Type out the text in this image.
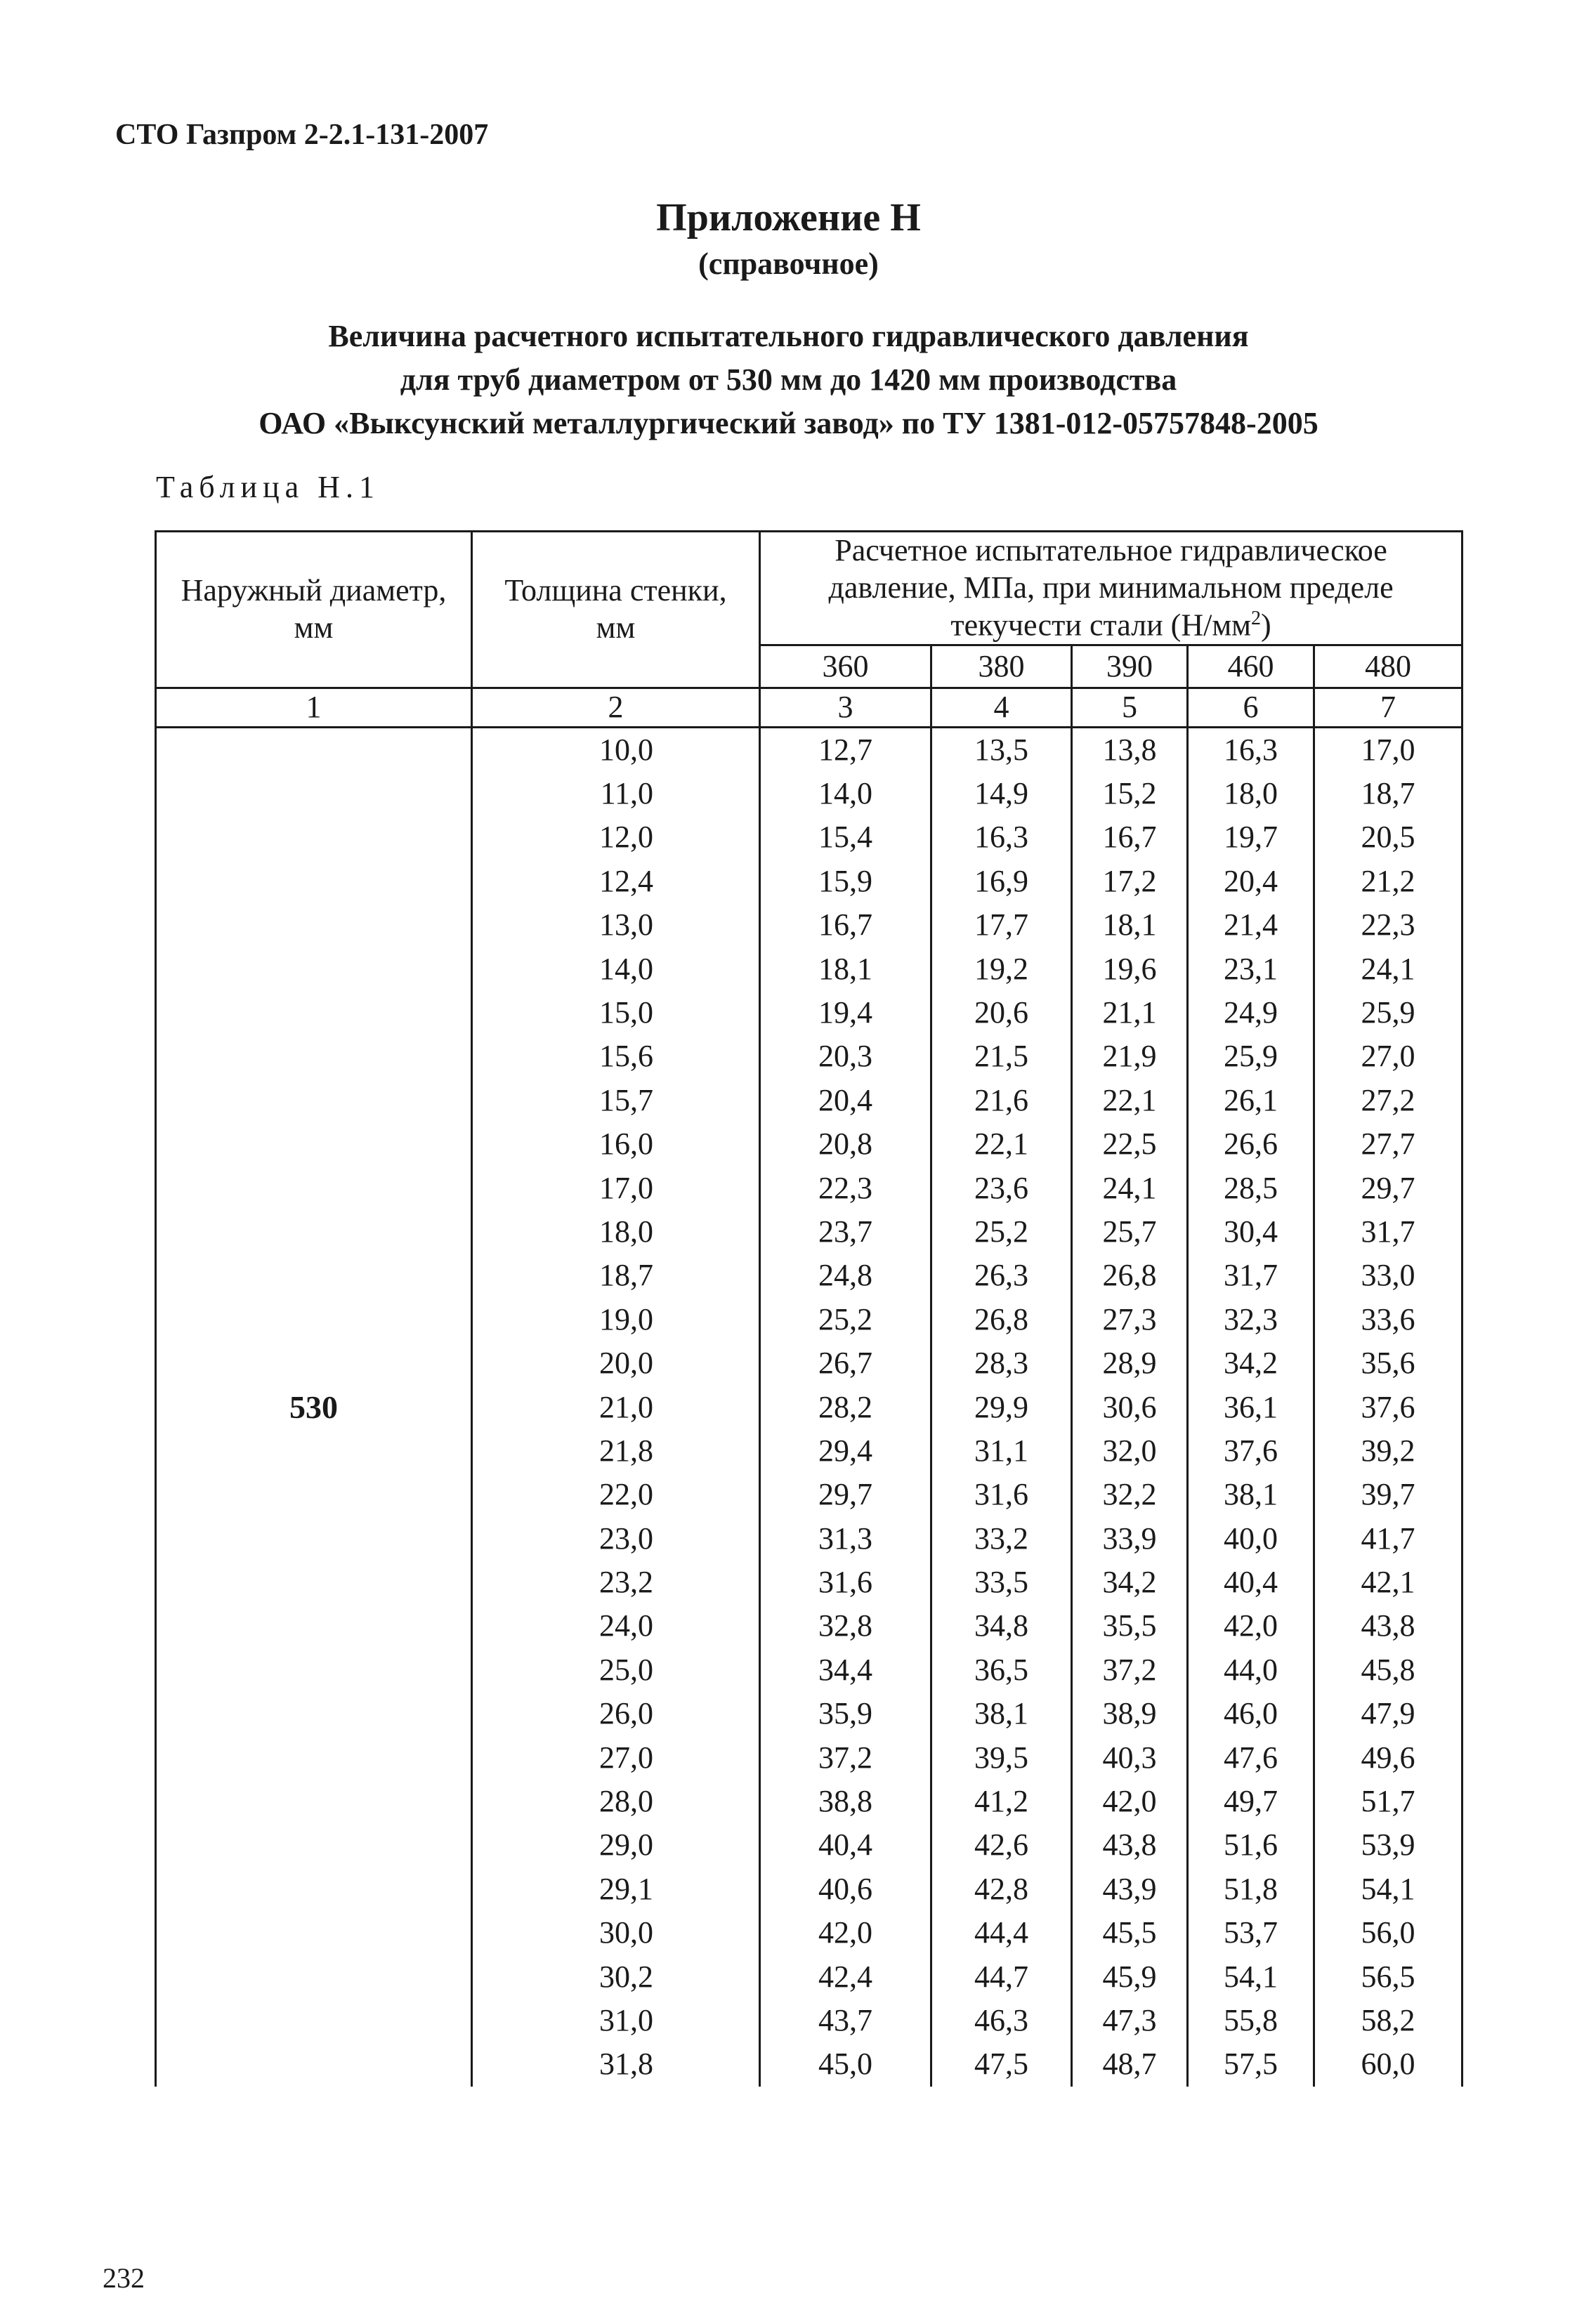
СТО Газпром 2-2.1-131-2007
Приложение Н
(справочное)
Величина расчетного испытательного гидравлического давления
для труб диаметром от 530 мм до 1420 мм производства
ОАО «Выксунский металлургический завод» по ТУ 1381-012-05757848-2005
Таблица Н.1
Наружный диаметр,
мм	Толщина стенки,
мм	Расчетное испытательное гидравлическое
давление, МПа, при минимальном пределе
текучести стали $(Н/мм^2)$				
		360	380	390	460	480
1	2	3	4	5	6	7
530	10,0	12,7	13,5	13,8	16,3	17,0
	11,0	14,0	14,9	15,2	18,0	18,7
	12,0	15,4	16,3	16,7	19,7	20,5
	12,4	15,9	16,9	17,2	20,4	21,2
	13,0	16,7	17,7	18,1	21,4	22,3
	14,0	18,1	19,2	19,6	23,1	24,1
	15,0	19,4	20,6	21,1	24,9	25,9
	15,6	20,3	21,5	21,9	25,9	27,0
	15,7	20,4	21,6	22,1	26,1	27,2
	16,0	20,8	22,1	22,5	26,6	27,7
	17,0	22,3	23,6	24,1	28,5	29,7
	18,0	23,7	25,2	25,7	30,4	31,7
	18,7	24,8	26,3	26,8	31,7	33,0
	19,0	25,2	26,8	27,3	32,3	33,6
	20,0	26,7	28,3	28,9	34,2	35,6
	21,0	28,2	29,9	30,6	36,1	37,6
	21,8	29,4	31,1	32,0	37,6	39,2
	22,0	29,7	31,6	32,2	38,1	39,7
	23,0	31,3	33,2	33,9	40,0	41,7
	23,2	31,6	33,5	34,2	40,4	42,1
	24,0	32,8	34,8	35,5	42,0	43,8
	25,0	34,4	36,5	37,2	44,0	45,8
	26,0	35,9	38,1	38,9	46,0	47,9
	27,0	37,2	39,5	40,3	47,6	49,6
	28,0	38,8	41,2	42,0	49,7	51,7
	29,0	40,4	42,6	43,8	51,6	53,9
	29,1	40,6	42,8	43,9	51,8	54,1
	30,0	42,0	44,4	45,5	53,7	56,0
	30,2	42,4	44,7	45,9	54,1	56,5
	31,0	43,7	46,3	47,3	55,8	58,2
	31,8	45,0	47,5	48,7	57,5	60,0
232
